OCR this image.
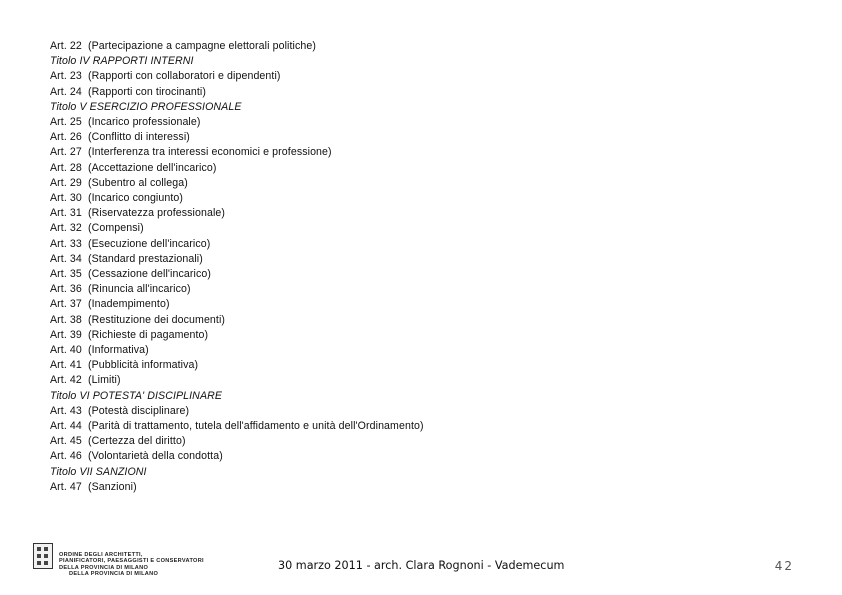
Art. 22 (Partecipazione a campagne elettorali politiche)
Titolo IV RAPPORTI INTERNI
Art. 23 (Rapporti con collaboratori e dipendenti)
Art. 24 (Rapporti con tirocinanti)
Titolo V ESERCIZIO PROFESSIONALE
Art. 25 (Incarico professionale)
Art. 26 (Conflitto di interessi)
Art. 27 (Interferenza tra interessi economici e professione)
Art. 28 (Accettazione dell'incarico)
Art. 29 (Subentro al collega)
Art. 30 (Incarico congiunto)
Art. 31 (Riservatezza professionale)
Art. 32 (Compensi)
Art. 33 (Esecuzione dell'incarico)
Art. 34 (Standard prestazionali)
Art. 35 (Cessazione dell'incarico)
Art. 36 (Rinuncia all'incarico)
Art. 37 (Inadempimento)
Art. 38 (Restituzione dei documenti)
Art. 39 (Richieste di pagamento)
Art. 40 (Informativa)
Art. 41 (Pubblicità informativa)
Art. 42 (Limiti)
Titolo VI POTESTA' DISCIPLINARE
Art. 43 (Potestà disciplinare)
Art. 44 (Parità di trattamento, tutela dell'affidamento e unità dell'Ordinamento)
Art. 45 (Certezza del diritto)
Art. 46 (Volontarietà della condotta)
Titolo VII SANZIONI
Art. 47 (Sanzioni)
ORDINE DEGLI ARCHITETTI,
PIANIFICATORI, PAESAGGISTI E CONSERVATORI
DELLA PROVINCIA DI MILANO
DELLA PROVINCIA DI MILANO
30 marzo 2011 - arch. Clara Rognoni - Vademecum	42
